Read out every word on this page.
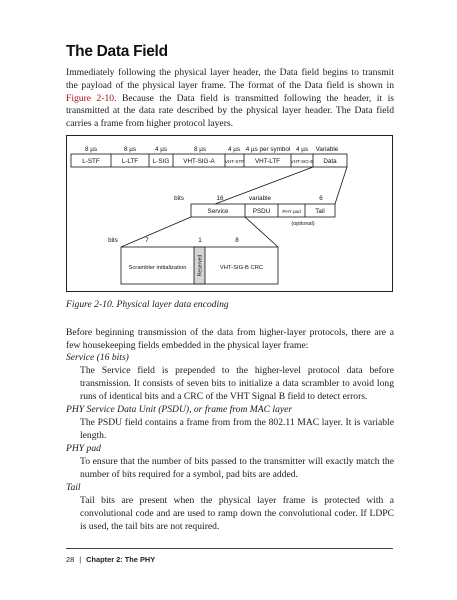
The Data Field

Immediately following the physical layer header, the Data field begins to transmit the payload of the physical layer frame. The format of the Data field is shown in Figure 2-10. Because the Data field is transmitted following the header, it is transmitted at the data rate described by the physical layer header. The Data field carries a frame from higher protocol layers.

8 µs	8 µs	4 µs	8 µs	4 µs 4 µs per symbol 4 µs Variable
L-STF	L-LTF L-SIG VHT-SIG-A VHT-STF VHT-LTF VHT-SIG-B Data
bits	16	variable	6
Service	PSDU	PHY pad Tail
(optional)
bits	7	1	8
Scrambler initialization Reserved	VHT-SIG-B CRC

Figure 2-10. Physical layer data encoding

Before beginning transmission of the data from higher-layer protocols, there are a few housekeeping fields embedded in the physical layer frame:

Service (16 bits)

The Service field is prepended to the higher-level protocol data before transmission. It consists of seven bits to initialize a data scrambler to avoid long runs of identical bits and a CRC of the VHT Signal B field to detect errors.

PHY Service Data Unit (PSDU), or frame from MAC layer

The PSDU field contains a frame from from the 802.11 MAC layer. It is variable length.

PHY pad

To ensure that the number of bits passed to the transmitter will exactly match the number of bits required for a symbol, pad bits are added.

Tail

Tail bits are present when the physical layer frame is protected with a convolutional code and are used to ramp down the convolutional coder. If LDPC is used, the tail bits are not required.

28 | Chapter 2: The PHY
